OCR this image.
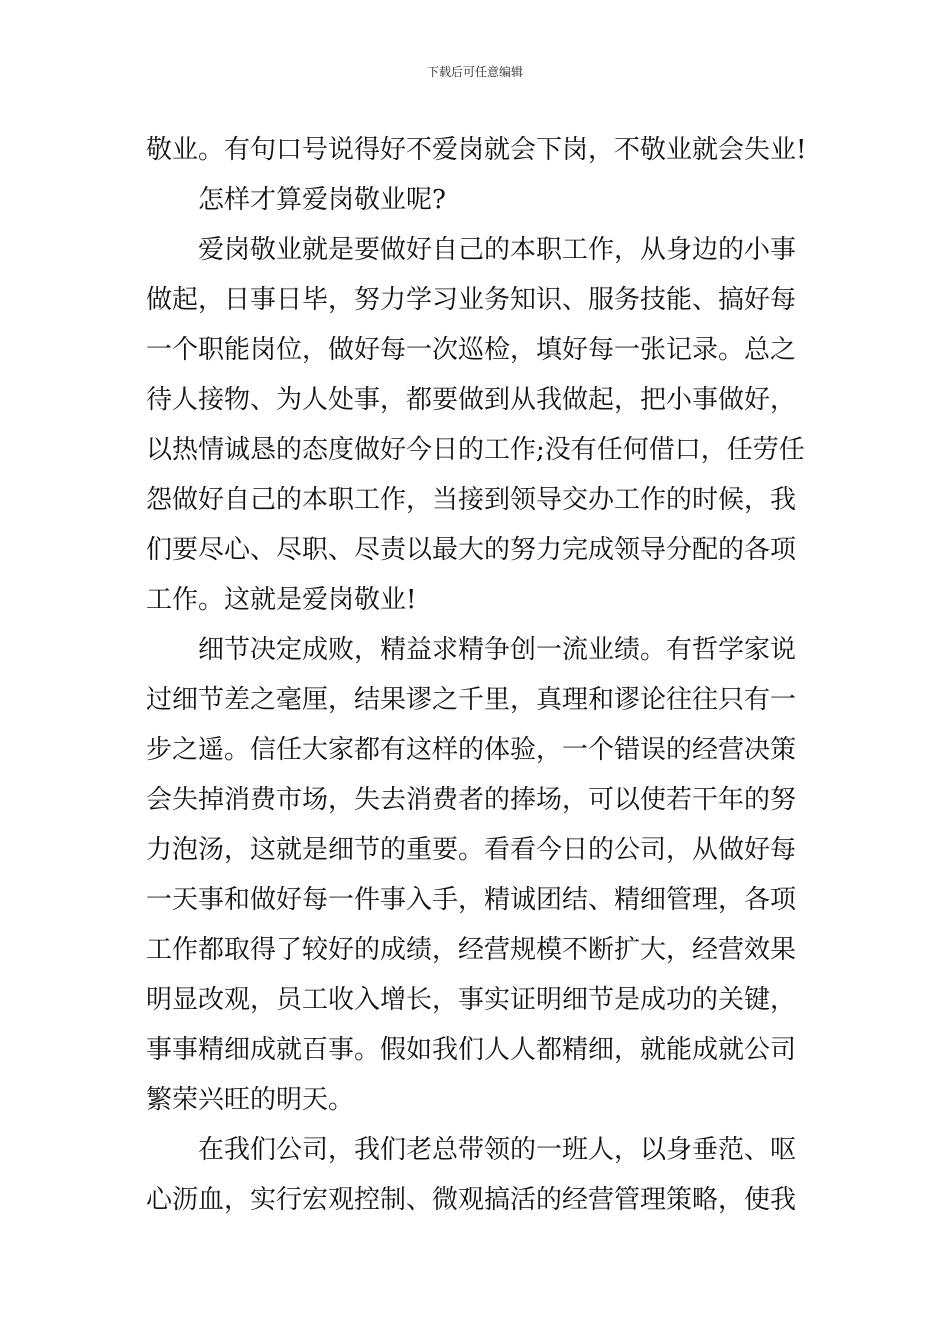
下载后可任意编辑
敬业。有句口号说得好不爱岗就会下岗，不敬业就会失业!
怎样才算爱岗敬业呢?
爱岗敬业就是要做好自己的本职工作，从身边的小事
做起，日事日毕，努力学习业务知识、服务技能、搞好每
一个职能岗位，做好每一次巡检，填好每一张记录。总之
待人接物、为人处事，都要做到从我做起，把小事做好，
以热情诚恳的态度做好今日的工作;没有任何借口，任劳任
怨做好自己的本职工作，当接到领导交办工作的时候，我
们要尽心、尽职、尽责以最大的努力完成领导分配的各项
工作。这就是爱岗敬业!
细节决定成败，精益求精争创一流业绩。有哲学家说
过细节差之毫厘，结果谬之千里，真理和谬论往往只有一
步之遥。信任大家都有这样的体验，一个错误的经营决策
会失掉消费市场，失去消费者的捧场，可以使若干年的努
力泡汤，这就是细节的重要。看看今日的公司，从做好每
一天事和做好每一件事入手，精诚团结、精细管理，各项
工作都取得了较好的成绩，经营规模不断扩大，经营效果
明显改观，员工收入增长，事实证明细节是成功的关键，
事事精细成就百事。假如我们人人都精细，就能成就公司
繁荣兴旺的明天。
在我们公司，我们老总带领的一班人，以身垂范、呕
心沥血，实行宏观控制、微观搞活的经营管理策略，使我
